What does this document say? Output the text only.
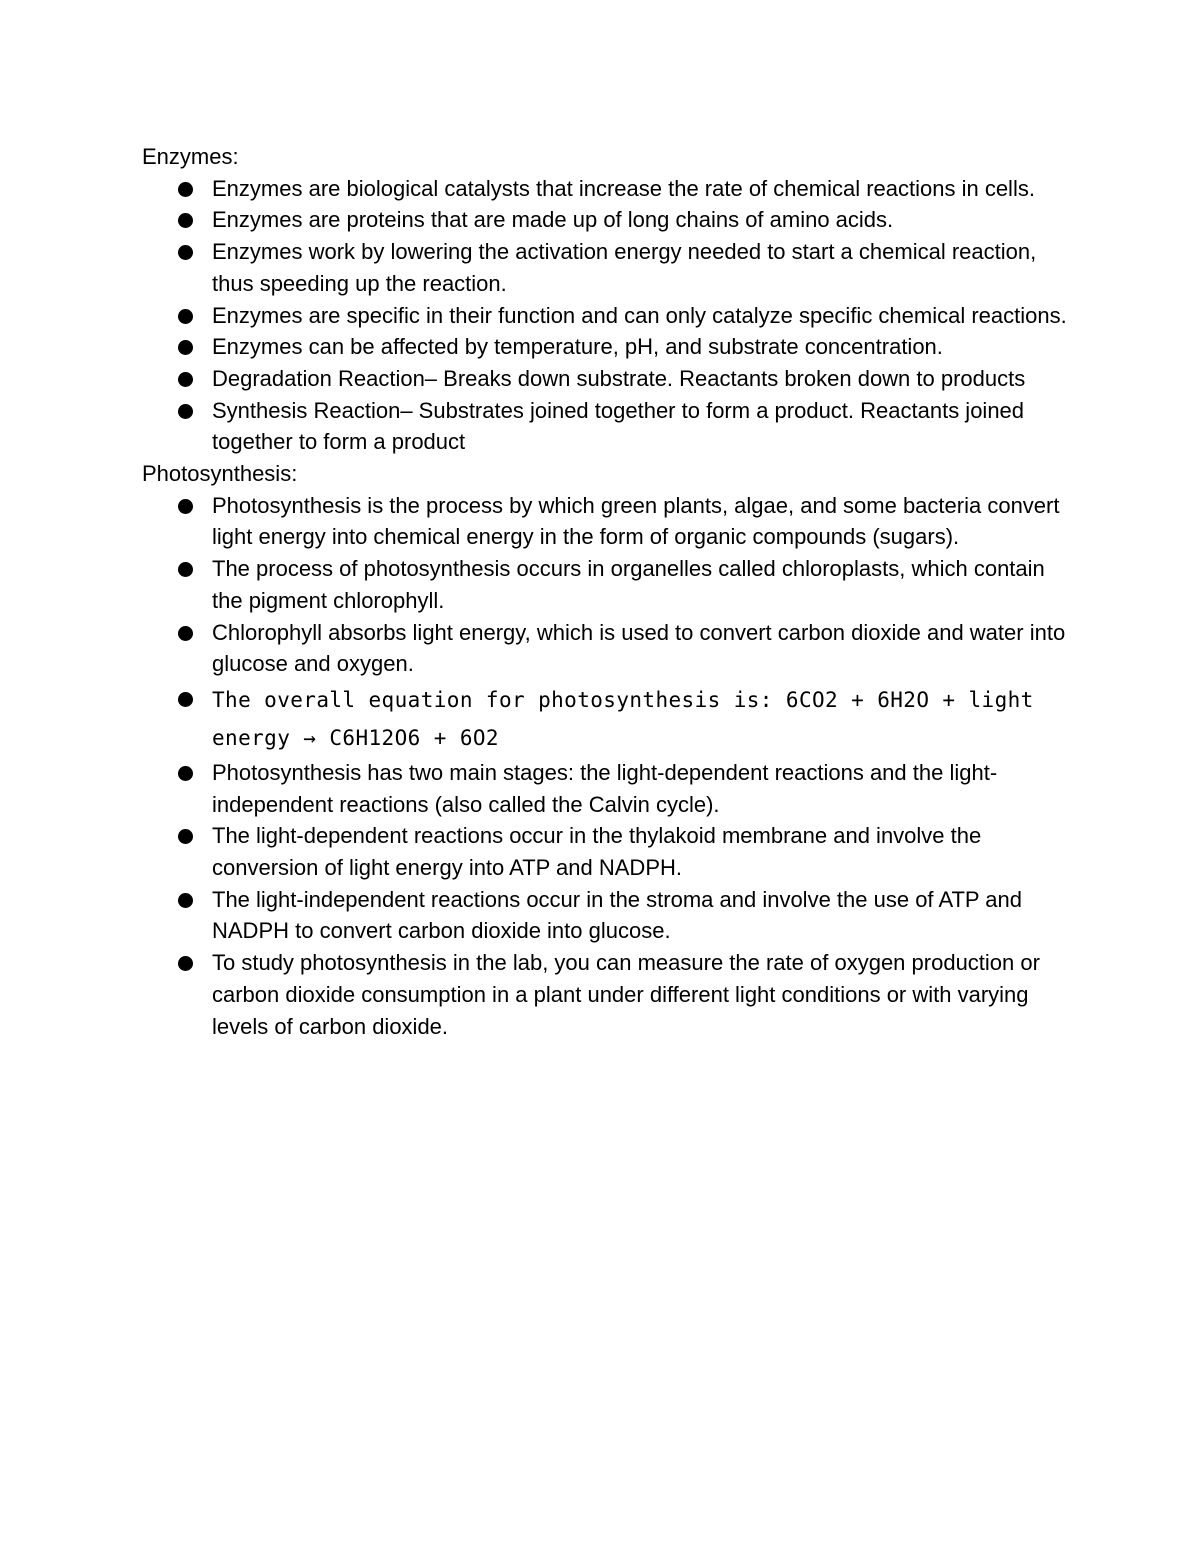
Enzymes:

Enzymes are biological catalysts that increase the rate of chemical reactions in cells.
Enzymes are proteins that are made up of long chains of amino acids.
Enzymes work by lowering the activation energy needed to start a chemical reaction, thus speeding up the reaction.
Enzymes are specific in their function and can only catalyze specific chemical reactions.
Enzymes can be affected by temperature, pH, and substrate concentration.
Degradation Reaction– Breaks down substrate. Reactants broken down to products
Synthesis Reaction– Substrates joined together to form a product. Reactants joined together to form a product

Photosynthesis:

Photosynthesis is the process by which green plants, algae, and some bacteria convert light energy into chemical energy in the form of organic compounds (sugars).
The process of photosynthesis occurs in organelles called chloroplasts, which contain the pigment chlorophyll.
Chlorophyll absorbs light energy, which is used to convert carbon dioxide and water into glucose and oxygen.
The overall equation for photosynthesis is: 6CO2 + 6H2O + light energy → C6H12O6 + 6O2
Photosynthesis has two main stages: the light-dependent reactions and the light-independent reactions (also called the Calvin cycle).
The light-dependent reactions occur in the thylakoid membrane and involve the conversion of light energy into ATP and NADPH.
The light-independent reactions occur in the stroma and involve the use of ATP and NADPH to convert carbon dioxide into glucose.
To study photosynthesis in the lab, you can measure the rate of oxygen production or carbon dioxide consumption in a plant under different light conditions or with varying levels of carbon dioxide.
